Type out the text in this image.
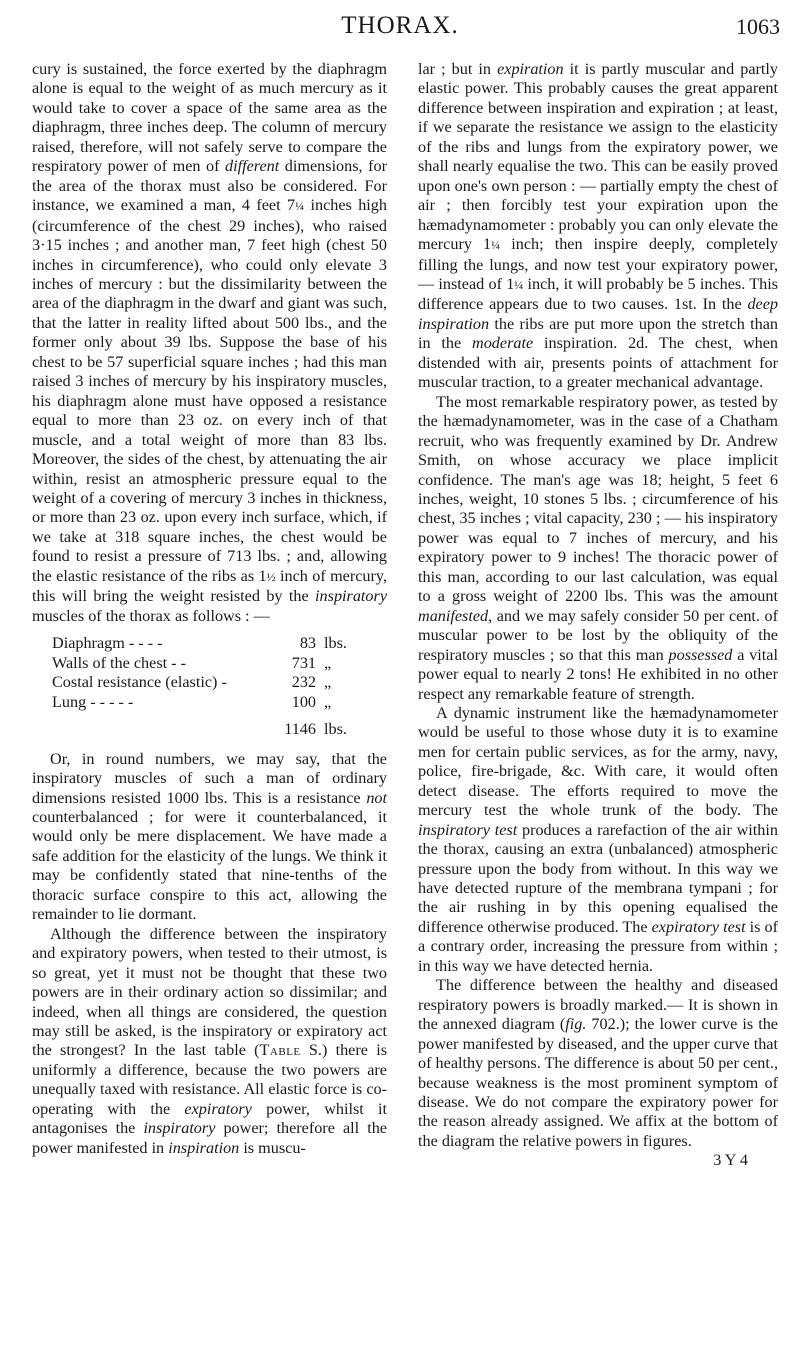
THORAX.	1063

cury is sustained, the force exerted by the diaphragm alone is equal to the weight of as much mercury as it would take to cover a space of the same area as the diaphragm, three inches deep. The column of mercury raised, therefore, will not safely serve to compare the respiratory power of men of different dimensions, for the area of the thorax must also be considered. For instance, we examined a man, 4 feet 7¼ inches high (circumference of the chest 29 inches), who raised 3·15 inches ; and another man, 7 feet high (chest 50 inches in circumference), who could only elevate 3 inches of mercury : but the dissimilarity between the area of the diaphragm in the dwarf and giant was such, that the latter in reality lifted about 500 lbs., and the former only about 39 lbs. Suppose the base of his chest to be 57 superficial square inches ; had this man raised 3 inches of mercury by his inspiratory muscles, his diaphragm alone must have opposed a resistance equal to more than 23 oz. on every inch of that muscle, and a total weight of more than 83 lbs. Moreover, the sides of the chest, by attenuating the air within, resist an atmospheric pressure equal to the weight of a covering of mercury 3 inches in thickness, or more than 23 oz. upon every inch surface, which, if we take at 318 square inches, the chest would be found to resist a pressure of 713 lbs. ; and, allowing the elastic resistance of the ribs as 1½ inch of mercury, this will bring the weight resisted by the inspiratory muscles of the thorax as follows : —

Diaphragm - - - -	83	lbs.
Walls of the chest - -	731	„
Costal resistance (elastic) -	232	„
Lung - - - - -	100	„
	1146	lbs.

Or, in round numbers, we may say, that the inspiratory muscles of such a man of ordinary dimensions resisted 1000 lbs. This is a resistance not counterbalanced ; for were it counterbalanced, it would only be mere displacement. We have made a safe addition for the elasticity of the lungs. We think it may be confidently stated that nine-tenths of the thoracic surface conspire to this act, allowing the remainder to lie dormant.

Although the difference between the inspiratory and expiratory powers, when tested to their utmost, is so great, yet it must not be thought that these two powers are in their ordinary action so dissimilar; and indeed, when all things are considered, the question may still be asked, is the inspiratory or expiratory act the strongest? In the last table (Table S.) there is uniformly a difference, because the two powers are unequally taxed with resistance. All elastic force is co-operating with the expiratory power, whilst it antagonises the inspiratory power; therefore all the power manifested in inspiration is muscu-

lar ; but in expiration it is partly muscular and partly elastic power. This probably causes the great apparent difference between inspiration and expiration ; at least, if we separate the resistance we assign to the elasticity of the ribs and lungs from the expiratory power, we shall nearly equalise the two. This can be easily proved upon one's own person : — partially empty the chest of air ; then forcibly test your expiration upon the hæmadynamometer : probably you can only elevate the mercury 1¼ inch; then inspire deeply, completely filling the lungs, and now test your expiratory power, — instead of 1¼ inch, it will probably be 5 inches. This difference appears due to two causes. 1st. In the deep inspiration the ribs are put more upon the stretch than in the moderate inspiration. 2d. The chest, when distended with air, presents points of attachment for muscular traction, to a greater mechanical advantage.

The most remarkable respiratory power, as tested by the hæmadynamometer, was in the case of a Chatham recruit, who was frequently examined by Dr. Andrew Smith, on whose accuracy we place implicit confidence. The man's age was 18; height, 5 feet 6 inches, weight, 10 stones 5 lbs. ; circumference of his chest, 35 inches ; vital capacity, 230 ; — his inspiratory power was equal to 7 inches of mercury, and his expiratory power to 9 inches! The thoracic power of this man, according to our last calculation, was equal to a gross weight of 2200 lbs. This was the amount manifested, and we may safely consider 50 per cent. of muscular power to be lost by the obliquity of the respiratory muscles ; so that this man possessed a vital power equal to nearly 2 tons! He exhibited in no other respect any remarkable feature of strength.

A dynamic instrument like the hæmadynamometer would be useful to those whose duty it is to examine men for certain public services, as for the army, navy, police, fire-brigade, &c. With care, it would often detect disease. The efforts required to move the mercury test the whole trunk of the body. The inspiratory test produces a rarefaction of the air within the thorax, causing an extra (unbalanced) atmospheric pressure upon the body from without. In this way we have detected rupture of the membrana tympani ; for the air rushing in by this opening equalised the difference otherwise produced. The expiratory test is of a contrary order, increasing the pressure from within ; in this way we have detected hernia.

The difference between the healthy and diseased respiratory powers is broadly marked.— It is shown in the annexed diagram (fig. 702.); the lower curve is the power manifested by diseased, and the upper curve that of healthy persons. The difference is about 50 per cent., because weakness is the most prominent symptom of disease. We do not compare the expiratory power for the reason already assigned. We affix at the bottom of the diagram the relative powers in figures.

3 Y 4
